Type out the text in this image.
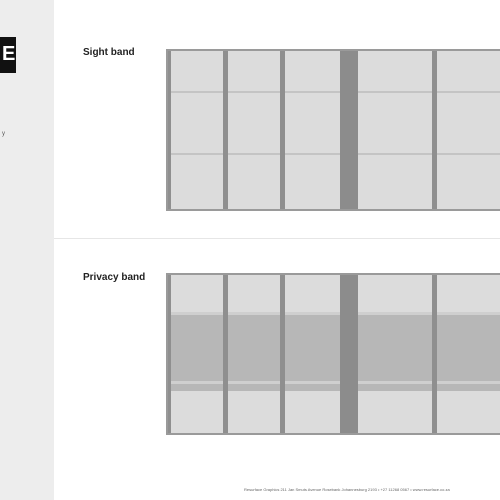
E
y
Sight band
Privacy band
Resurface Graphics 211 Jan Smuts Avenue Rosebank Johannesburg 2193 • +27 11268 0567 • www.resurface.co.za
